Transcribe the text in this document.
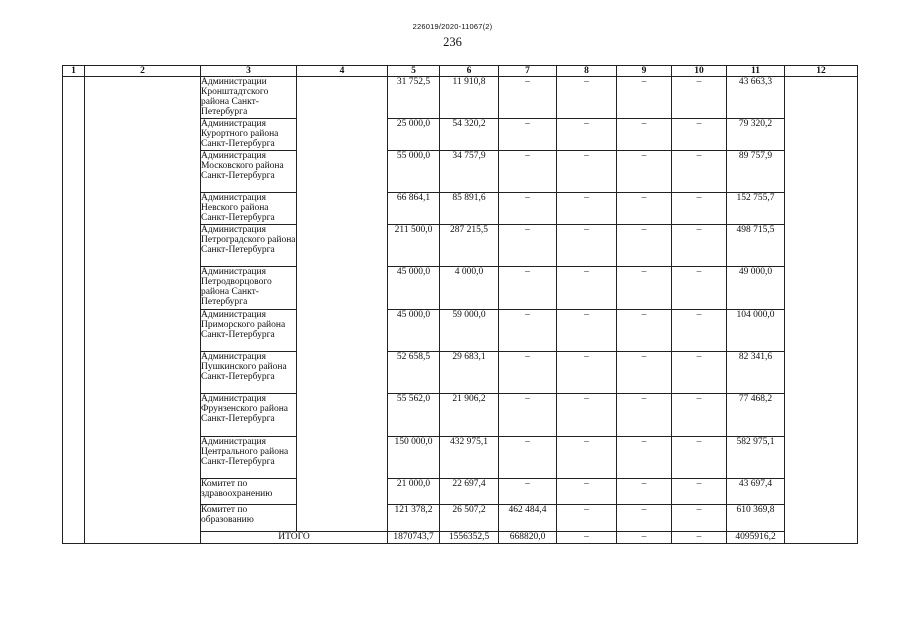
226019/2020-11067(2)
236
1	2	3	4	5	6	7	8	9	10	11	12
		Администрации Кронштадтского района Санкт-Петербурга		31 752,5	11 910,8	–	–	–	–	43 663,3	
		Администрация Курортного района Санкт-Петербурга		25 000,0	54 320,2	–	–	–	–	79 320,2	
		Администрация Московского района Санкт-Петербурга		55 000,0	34 757,9	–	–	–	–	89 757,9	
		Администрация Невского района Санкт-Петербурга		66 864,1	85 891,6	–	–	–	–	152 755,7	
		Администрация Петроградского района Санкт-Петербурга		211 500,0	287 215,5	–	–	–	–	498 715,5	
		Администрация Петродворцового района Санкт-Петербурга		45 000,0	4 000,0	–	–	–	–	49 000,0	
		Администрация Приморского района Санкт-Петербурга		45 000,0	59 000,0	–	–	–	–	104 000,0	
		Администрация Пушкинского района Санкт-Петербурга		52 658,5	29 683,1	–	–	–	–	82 341,6	
		Администрация Фрунзенского района Санкт-Петербурга		55 562,0	21 906,2	–	–	–	–	77 468,2	
		Администрация Центрального района Санкт-Петербурга		150 000,0	432 975,1	–	–	–	–	582 975,1	
		Комитет по здравоохранению		21 000,0	22 697,4	–	–	–	–	43 697,4	
		Комитет по образованию		121 378,2	26 507,2	462 484,4	–	–	–	610 369,8	
		ИТОГО		1870743,7	1556352,5	668820,0	–	–	–	4095916,2	
